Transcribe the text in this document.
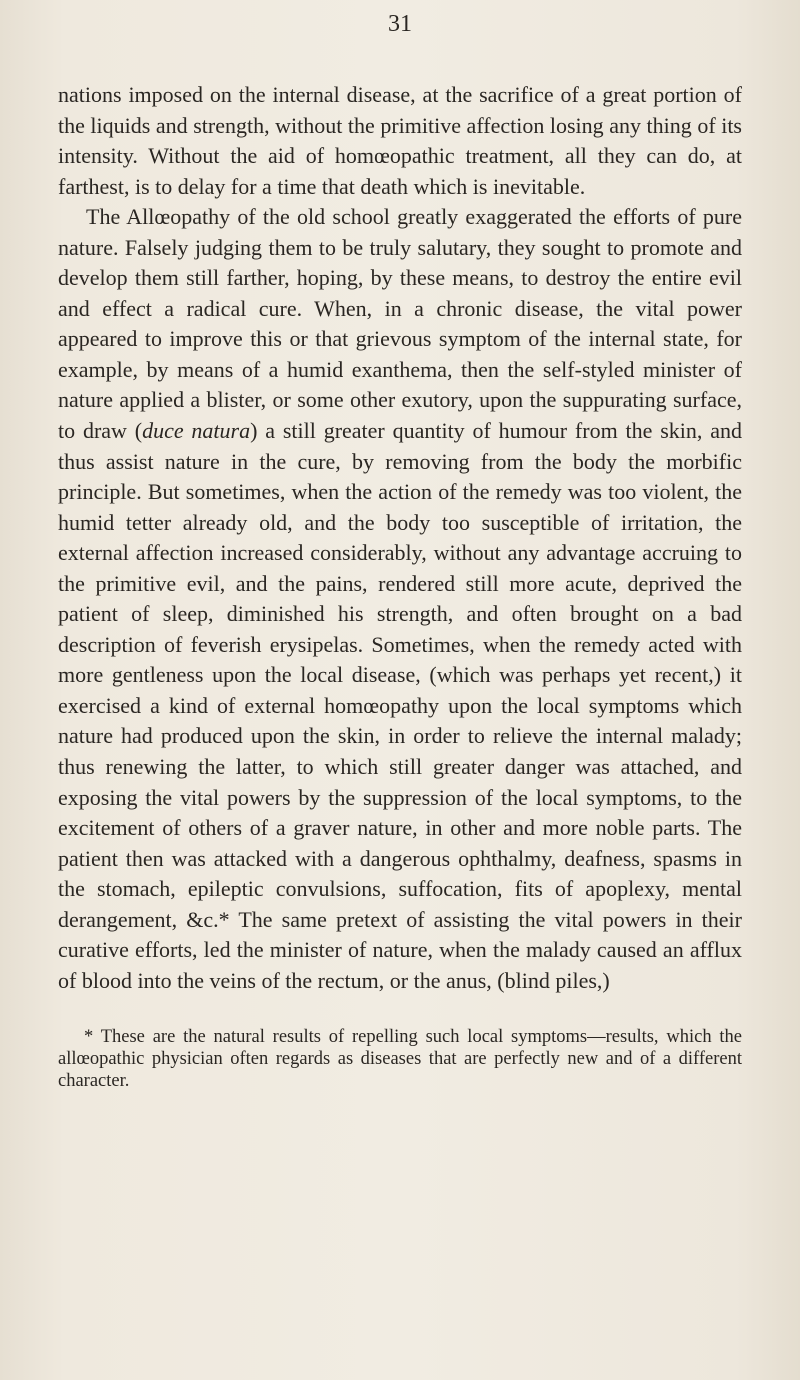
31

nations imposed on the internal disease, at the sacrifice of a great portion of the liquids and strength, without the primitive affection losing any thing of its intensity. Without the aid of homœopathic treatment, all they can do, at farthest, is to delay for a time that death which is inevitable.

The Allœopathy of the old school greatly exaggerated the efforts of pure nature. Falsely judging them to be truly salutary, they sought to promote and develop them still farther, hoping, by these means, to destroy the entire evil and effect a radical cure. When, in a chronic disease, the vital power appeared to improve this or that grievous symptom of the internal state, for example, by means of a humid exanthema, then the self-styled minister of nature applied a blister, or some other exutory, upon the suppurating surface, to draw (duce natura) a still greater quantity of humour from the skin, and thus assist nature in the cure, by removing from the body the morbific principle. But sometimes, when the action of the remedy was too violent, the humid tetter already old, and the body too susceptible of irritation, the external affection increased considerably, without any advantage accruing to the primitive evil, and the pains, rendered still more acute, deprived the patient of sleep, diminished his strength, and often brought on a bad description of feverish erysipelas. Sometimes, when the remedy acted with more gentleness upon the local disease, (which was perhaps yet recent,) it exercised a kind of external homœopathy upon the local symptoms which nature had produced upon the skin, in order to relieve the internal malady; thus renewing the latter, to which still greater danger was attached, and exposing the vital powers by the suppression of the local symptoms, to the excitement of others of a graver nature, in other and more noble parts. The patient then was attacked with a dangerous ophthalmy, deafness, spasms in the stomach, epileptic convulsions, suffocation, fits of apoplexy, mental derangement, &c.* The same pretext of assisting the vital powers in their curative efforts, led the minister of nature, when the malady caused an afflux of blood into the veins of the rectum, or the anus, (blind piles,)

* These are the natural results of repelling such local symptoms—results, which the allœopathic physician often regards as diseases that are perfectly new and of a different character.
